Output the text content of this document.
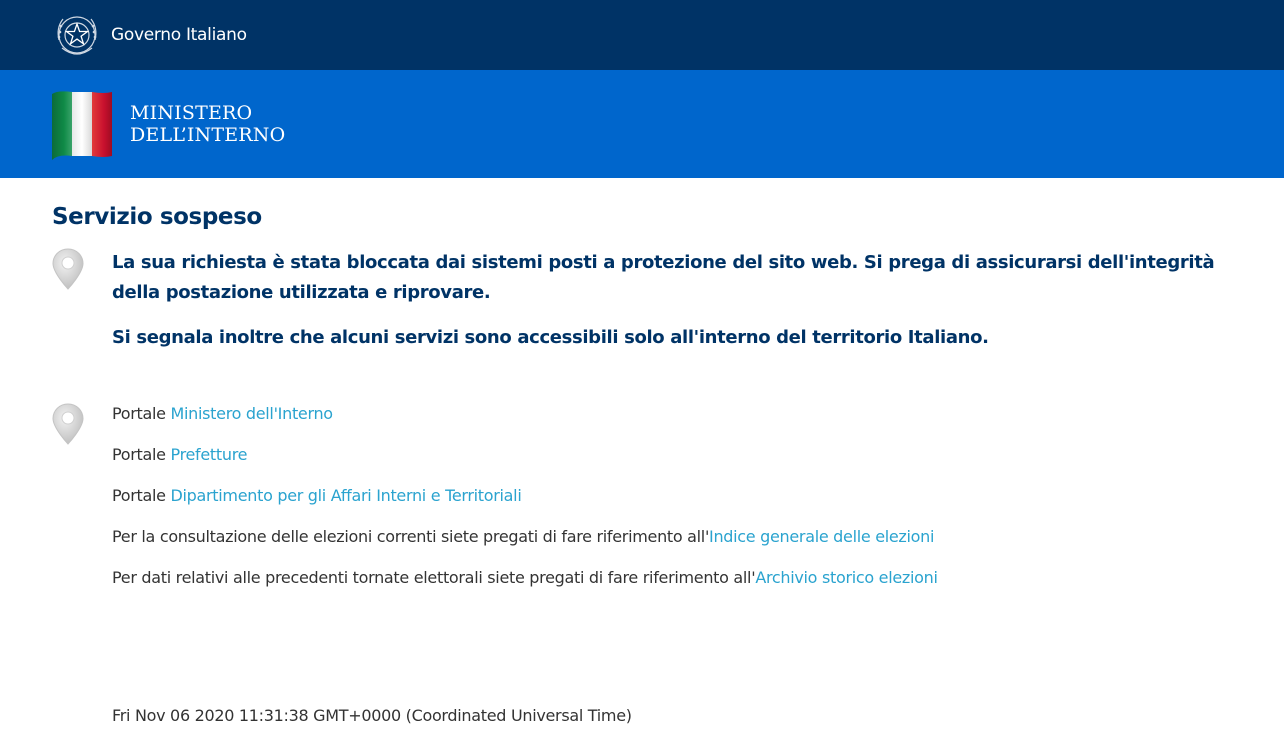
Governo Italiano
MINISTERO
DELL’INTERNO
Servizio sospeso

La sua richiesta è stata bloccata dai sistemi posti a protezione del sito web. Si prega di assicurarsi dell'integrità della postazione utilizzata e riprovare.

Si segnala inoltre che alcuni servizi sono accessibili solo all'interno del territorio Italiano.

Portale Ministero dell'Interno

Portale Prefetture

Portale Dipartimento per gli Affari Interni e Territoriali

Per la consultazione delle elezioni correnti siete pregati di fare riferimento all'Indice generale delle elezioni

Per dati relativi alle precedenti tornate elettorali siete pregati di fare riferimento all'Archivio storico elezioni

Fri Nov 06 2020 11:31:38 GMT+0000 (Coordinated Universal Time)
